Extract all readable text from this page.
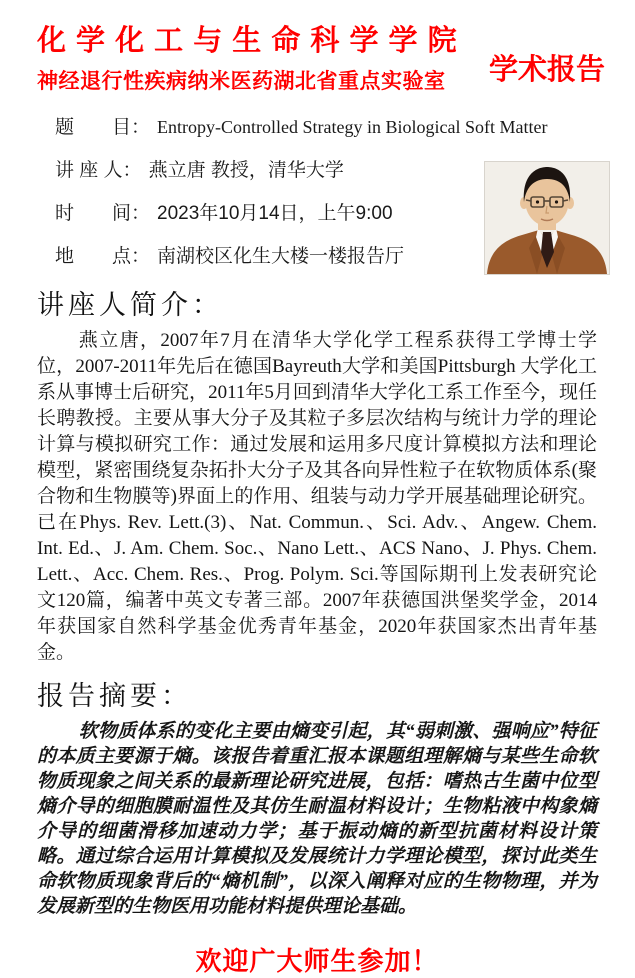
化 学 化 工 与 生 命 科 学 学 院
学术报告
神经退行性疾病纳米医药湖北省重点实验室
题　　目： Entropy-Controlled Strategy in Biological Soft Matter
讲 座 人： 燕立唐 教授，清华大学
时　　间： 2023年10月14日，上午9:00
地　　点： 南湖校区化生大楼一楼报告厅
讲座人简介：

燕立唐，2007年7月在清华大学化学工程系获得工学博士学位，2007-2011年先后在德国Bayreuth大学和美国Pittsburgh 大学化工系从事博士后研究，2011年5月回到清华大学化工系工作至今，现任长聘教授。主要从事大分子及其粒子多层次结构与统计力学的理论计算与模拟研究工作：通过发展和运用多尺度计算模拟方法和理论模型，紧密围绕复杂拓扑大分子及其各向异性粒子在软物质体系(聚合物和生物膜等)界面上的作用、组装与动力学开展基础理论研究。已在Phys. Rev. Lett.(3)、Nat. Commun.、Sci. Adv.、Angew. Chem. Int. Ed.、J. Am. Chem. Soc.、Nano Lett.、ACS Nano、J. Phys. Chem. Lett.、Acc. Chem. Res.、Prog. Polym. Sci.等国际期刊上发表研究论文120篇，编著中英文专著三部。2007年获德国洪堡奖学金，2014年获国家自然科学基金优秀青年基金，2020年获国家杰出青年基金。

报告摘要：

软物质体系的变化主要由熵变引起，其“弱刺激、强响应”特征的本质主要源于熵。该报告着重汇报本课题组理解熵与某些生命软物质现象之间关系的最新理论研究进展，包括：嗜热古生菌中位型熵介导的细胞膜耐温性及其仿生耐温材料设计；生物粘液中构象熵介导的细菌滑移加速动力学；基于振动熵的新型抗菌材料设计策略。通过综合运用计算模拟及发展统计力学理论模型，探讨此类生命软物质现象背后的“熵机制”，以深入阐释对应的生物物理，并为发展新型的生物医用功能材料提供理论基础。

欢迎广大师生参加！
